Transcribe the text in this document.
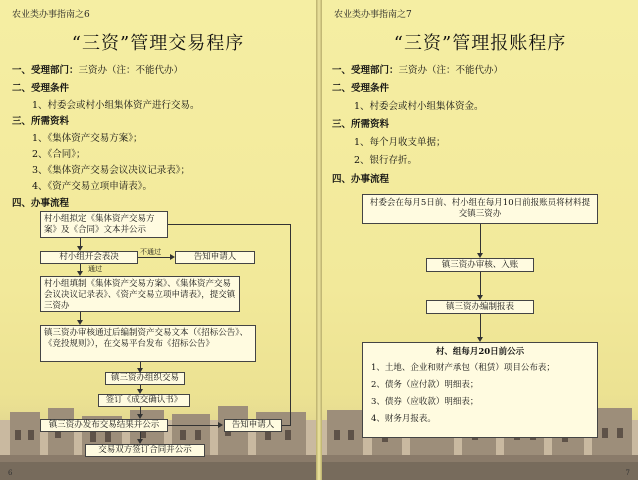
农业类办事指南之6
“三资”管理交易程序
一、受理部门：三资办（注：不能代办）
二、受理条件
1、村委会或村小组集体资产进行交易。
三、所需资料
1、《集体资产交易方案》；
2、《合同》；
3、《集体资产交易会议决议记录表》；
4、《资产交易立项申请表》。
四、办事流程
村小组拟定《集体资产交易方案》及《合同》文本并公示
村小组开会表决	不通过	告知申请人
通过
村小组填制《集体资产交易方案》、《集体资产交易会议决议记录表》、《资产交易立项申请表》，提交镇三资办
镇三资办审核通过后编制资产交易文本（《招标公告》、《竞投规则》），在交易平台发布《招标公告》
镇三资办组织交易
签订《成交确认书》
镇三资办发布交易结果并公示	告知申请人
交易双方签订合同并公示
6
农业类办事指南之7
“三资”管理报账程序
一、受理部门：三资办（注：不能代办）
二、受理条件
1、村委会或村小组集体资金。
三、所需资料
1、每个月收支单据；
2、银行存折。
四、办事流程
村委会在每月5日前、村小组在每月10日前报账员将材料提交镇三资办
镇三资办审核、入账
镇三资办编制报表
村、组每月20日前公示
1、土地、企业和财产承包（租赁）项目公布表；
2、债务（应付款）明细表；
3、债券（应收款）明细表；
4、财务月报表。
7
